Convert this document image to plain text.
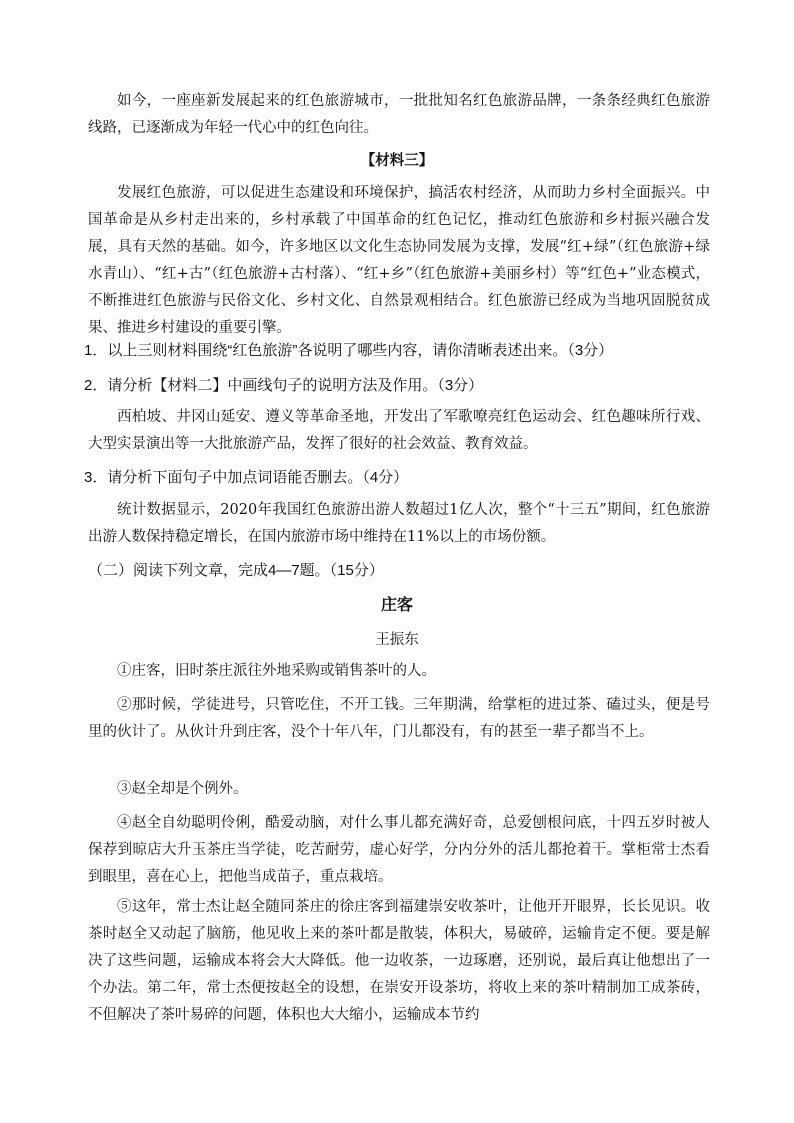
如今，一座座新发展起来的红色旅游城市，一批批知名红色旅游品牌，一条条经典红色旅游线路，已逐渐成为年轻一代心中的红色向往。

【材料三】

发展红色旅游，可以促进生态建设和环境保护，搞活农村经济，从而助力乡村全面振兴。中国革命是从乡村走出来的，乡村承载了中国革命的红色记忆，推动红色旅游和乡村振兴融合发展，具有天然的基础。如今，许多地区以文化生态协同发展为支撑，发展“红+绿”（红色旅游+绿水青山）、“红+古”（红色旅游+古村落）、“红+乡”（红色旅游+美丽乡村）等“红色+”业态模式，不断推进红色旅游与民俗文化、乡村文化、自然景观相结合。红色旅游已经成为当地巩固脱贫成果、推进乡村建设的重要引擎。

1．以上三则材料围绕“红色旅游”各说明了哪些内容，请你清晰表述出来。（3分）

2．请分析【材料二】中画线句子的说明方法及作用。（3分）

西柏坡、井冈山延安、遵义等革命圣地，开发出了军歌嘹亮红色运动会、红色趣味所行戏、大型实景演出等一大批旅游产品，发挥了很好的社会效益、教育效益。

3．请分析下面句子中加点词语能否删去。（4分）

统计数据显示，2020年我国红色旅游出游人数超过1亿人次，整个“十三五”期间，红色旅游出游人数保持稳定增长，在国内旅游市场中维持在11%以上的市场份额。

（二）阅读下列文章，完成4—7题。（15分）

庄客

王振东

①庄客，旧时茶庄派往外地采购或销售茶叶的人。

②那时候，学徒进号，只管吃住，不开工钱。三年期满，给掌柜的进过茶、磕过头，便是号里的伙计了。从伙计升到庄客，没个十年八年，门儿都没有，有的甚至一辈子都当不上。

③赵全却是个例外。

④赵全自幼聪明伶俐，酷爱动脑，对什么事儿都充满好奇，总爱刨根问底，十四五岁时被人保荐到晾店大升玉茶庄当学徒，吃苦耐劳，虚心好学，分内分外的活儿都抢着干。掌柜常士杰看到眼里，喜在心上，把他当成苗子，重点栽培。

⑤这年，常士杰让赵全随同茶庄的徐庄客到福建崇安收茶叶，让他开开眼界，长长见识。收茶时赵全又动起了脑筋，他见收上来的茶叶都是散装，体积大，易破碎，运输肯定不便。要是解决了这些问题，运输成本将会大大降低。他一边收茶，一边琢磨，还别说，最后真让他想出了一个办法。第二年，常士杰便按赵全的设想，在崇安开设茶坊，将收上来的茶叶精制加工成茶砖，不但解决了茶叶易碎的问题，体积也大大缩小，运输成本节约
